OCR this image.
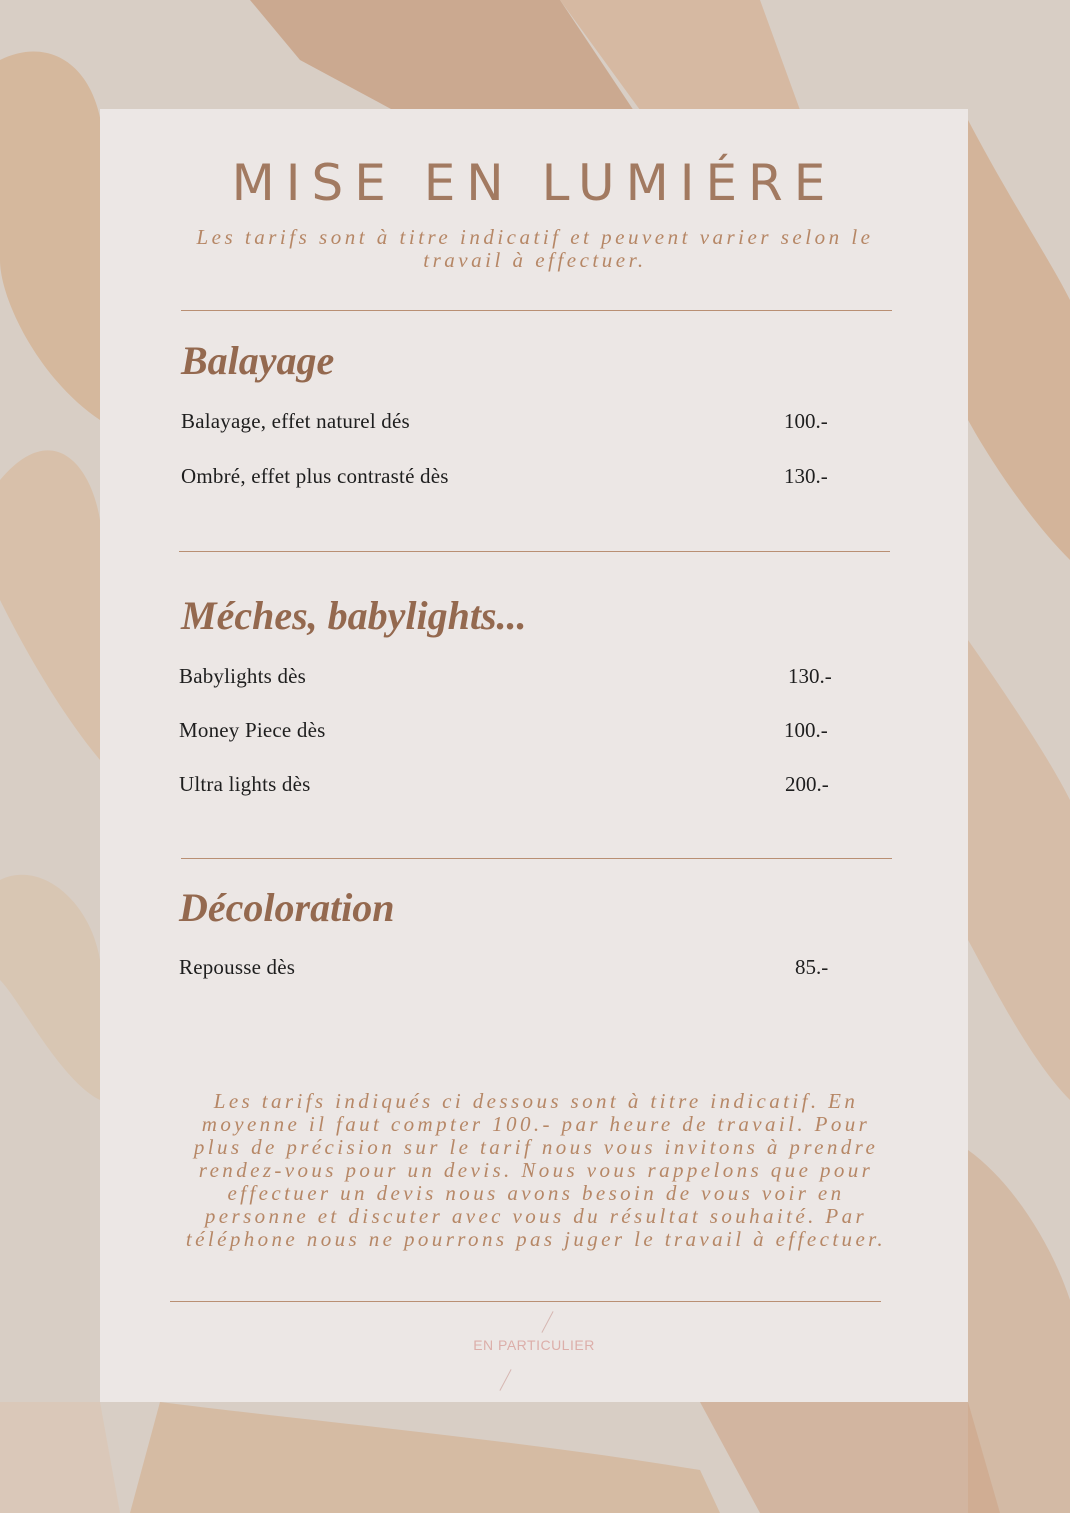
MISE EN LUMIÉRE

Les tarifs sont à titre indicatif et peuvent varier selon le travail à effectuer.

Balayage
Balayage, effet naturel dés	100.-
Ombré, effet plus contrasté dès	130.-
Méches, babylights...
Babylights dès	130.-
Money Piece dès	100.-
Ultra lights dès	200.-
Décoloration
Repousse dès	85.-

Les tarifs indiqués ci dessous sont à titre indicatif. En moyenne il faut compter 100.- par heure de travail. Pour plus de précision sur le tarif nous vous invitons à prendre rendez-vous pour un devis. Nous vous rappelons que pour effectuer un devis nous avons besoin de vous voir en personne et discuter avec vous du résultat souhaité. Par téléphone nous ne pourrons pas juger le travail à effectuer.

EN PARTICULIER
